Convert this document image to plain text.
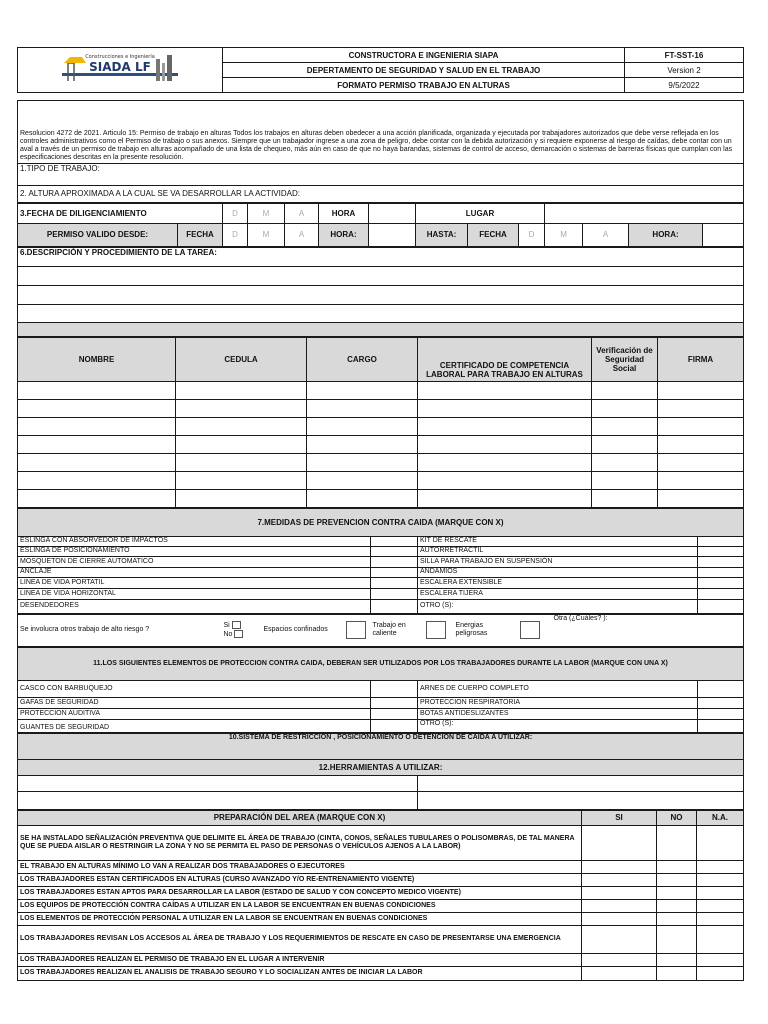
Construcciones e Ingeniería
SIADA LF	CONSTRUCTORA E INGENIERIA SIAPA	FT-SST-16
	DEPERTAMENTO DE SEGURIDAD Y SALUD EN EL TRABAJO	Version 2
	FORMATO PERMISO TRABAJO EN ALTURAS	9/5/2022

Resolucion 4272 de 2021. Articulo 15: Permiso de trabajo en alturas Todos los trabajos en alturas deben obedecer a una acción planificada, organizada y ejecutada por trabajadores autorizados que debe verse reflejada en los controles administrativos como el Permiso de trabajo o sus anexos. Siempre que un trabajador ingrese a una zona de peligro, debe contar con la debida autorización y si requiere exponerse al riesgo de caídas, debe contar con un aval a través de un permiso de trabajo en alturas acompañado de una lista de chequeo, más aún en caso de que no haya barandas, sistemas de control de acceso, demarcación o sistemas de barreras físicas que cumplan con las especificaciones descritas en la presente resolución.
1.TIPO DE TRABAJO:
2. ALTURA APROXIMADA A LA CUAL SE VA DESARROLLAR LA ACTIVIDAD:
3.FECHA DE DILIGENCIAMIENTO		D	M	A	HORA		LUGAR						
PERMISO VALIDO DESDE:	FECHA	D	M	A	HORA:		HASTA:	FECHA	D	M	A	HORA:	
6.DESCRIPCIÓN Y PROCEDIMIENTO DE LA TAREA:

NOMBRE	CEDULA	CARGO	CERTIFICADO DE COMPETENCIA LABORAL PARA TRABAJO EN ALTURAS	Verificación de Seguridad Social	FIRMA

7.MEDIDAS DE PREVENCION CONTRA CAIDA (MARQUE CON X)			
ESLINGA CON ABSORVEDOR DE IMPACTOS		KIT DE RESCATE	
ESLINGA DE POSICIONAMIENTO		AUTORRETRACTIL	
MOSQUETON DE CIERRE AUTOMATICO		SILLA PARA TRABAJO EN SUSPENSIÓN	
ANCLAJE		ANDAMIOS	
LINEA DE VIDA PORTATIL		ESCALERA EXTENSIBLE	
LINEA DE VIDA HORIZONTAL		ESCALERA TIJERA	
DESENDEDORES		OTRO (S):	
Se involucra otros trabajo de alto riesgo ?	
Si
No
	Espacios confinados		Trabajo en caliente		Energias peligrosas		Otra (¿Cuáles? ):
11.LOS SIGUIENTES ELEMENTOS DE PROTECCION CONTRA CAIDA, DEBERAN SER UTILIZADOS POR LOS TRABAJADORES DURANTE LA LABOR (MARQUE CON UNA X)			
CASCO CON BARBUQUEJO		ARNES DE CUERPO COMPLETO	
GAFAS DE SEGURIDAD		PROTECCION RESPIRATORIA	
PROTECCION AUDITIVA		BOTAS ANTIDESLIZANTES	
GUANTES DE SEGURIDAD		OTRO (S):	
10.SISTEMA DE RESTRICCION , POSICIONAMIENTO O DETENCION DE CAIDA A UTILIZAR:	
12.HERRAMIENTAS A UTILIZAR:	

PREPARACIÓN DEL AREA (MARQUE CON X)	SI	NO	N.A.
SE HA INSTALADO SEÑALIZACIÓN PREVENTIVA QUE DELIMITE EL ÁREA DE TRABAJO (CINTA, CONOS, SEÑALES TUBULARES O POLISOMBRAS, DE TAL MANERA QUE SE PUEDA AISLAR O RESTRINGIR LA ZONA Y NO SE PERMITA EL PASO DE PERSONAS O VEHÍCULOS AJENOS A LA LABOR)			
EL TRABAJO EN ALTURAS MÍNIMO LO VAN A REALIZAR DOS TRABAJADORES O EJECUTORES			
LOS TRABAJADORES ESTAN CERTIFICADOS EN ALTURAS (CURSO AVANZADO Y/O RE-ENTRENAMIENTO VIGENTE)			
LOS TRABAJADORES ESTAN APTOS PARA DESARROLLAR LA LABOR (ESTADO DE SALUD Y CON CONCEPTO MEDICO VIGENTE)			
LOS EQUIPOS DE PROTECCIÓN CONTRA CAÍDAS A UTILIZAR EN LA LABOR SE ENCUENTRAN EN BUENAS CONDICIONES			
LOS ELEMENTOS DE PROTECCIÓN PERSONAL A UTILIZAR EN LA LABOR SE ENCUENTRAN EN BUENAS CONDICIONES			
LOS TRABAJADORES REVISAN LOS ACCESOS AL ÁREA DE TRABAJO Y LOS REQUERIMIENTOS DE RESCATE EN CASO DE PRESENTARSE UNA EMERGENCIA			
LOS TRABAJADORES REALIZAN EL PERMISO DE TRABAJO EN EL LUGAR A INTERVENIR			
LOS TRABAJADORES REALIZAN EL ANALISIS DE TRABAJO SEGURO Y LO SOCIALIZAN ANTES DE INICIAR LA LABOR			
